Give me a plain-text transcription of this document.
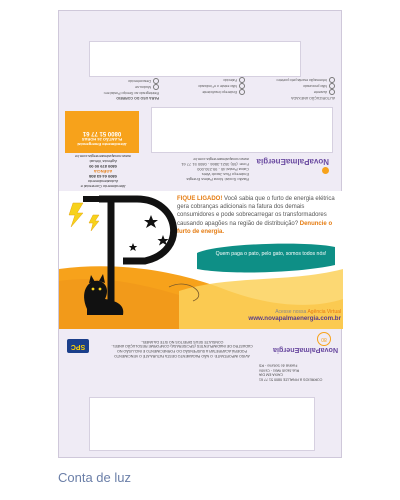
AUTORIZAÇÃO ANEXADA
Ausente
Não procurado
Informação escrita pelo porteiro

Endereço Insuficiente
Não existe o nº indicado
Falecido
PARA USO DO CORREIO
Reintegrado ao Serviço Postal em:
Mudou-se
Desconhecido
Atendimento Emergencial
PLANTÃO 24 HORAS
0800 51 77 61
Atendimento Comercial e Autoatendimento
0800 64 63 808
AGÊNCIA
0800 879 00 00
Agência Virtual: www.novapalmaenergia.com.br
Razão Social: Nova Palma Energia
Endereço Rua Jacob Weis
Caixa Postal 45 - 99.230-000
Fone: (55) 3521-3866 - 0800 51 77 61
www.novapalmaenergia.com.br NovaPalmaEnergia
FIQUE LIGADO! Você sabia que o furto de energia elétrica gera cobranças adicionais na fatura dos demais consumidores e pode sobrecarregar os transformadores causando apagões na região de distribuição? Denuncie o furto de energia.
Quem paga o pato, pelo gato, somos todos nós!
Acesse nossa Agência Virtual
www.novapalmaenergia.com.br
SPC
AVISO IMPORTANTE: O NÃO PAGAMENTO DESTA FATURA ATÉ O VENCIMENTO
PODERÁ ACARRETAR A SUSPENSÃO DO FORNECIMENTO E INCLUSÃO NO
CADASTRO DE INADIMPLENTES (SPC/SERASA) CONFORME RESOLUÇÃO ANEEL.
CONSULTE SEUS DIREITOS NO SITE DA ANEEL.
NovaPalmaEnergia
80
CORREIOS & FINALIZE 0800 51 77 61
CAIXA EM DIA
Rua Jacob Weis - Centro
Faxinal do Soturno - RS
Conta de luz
